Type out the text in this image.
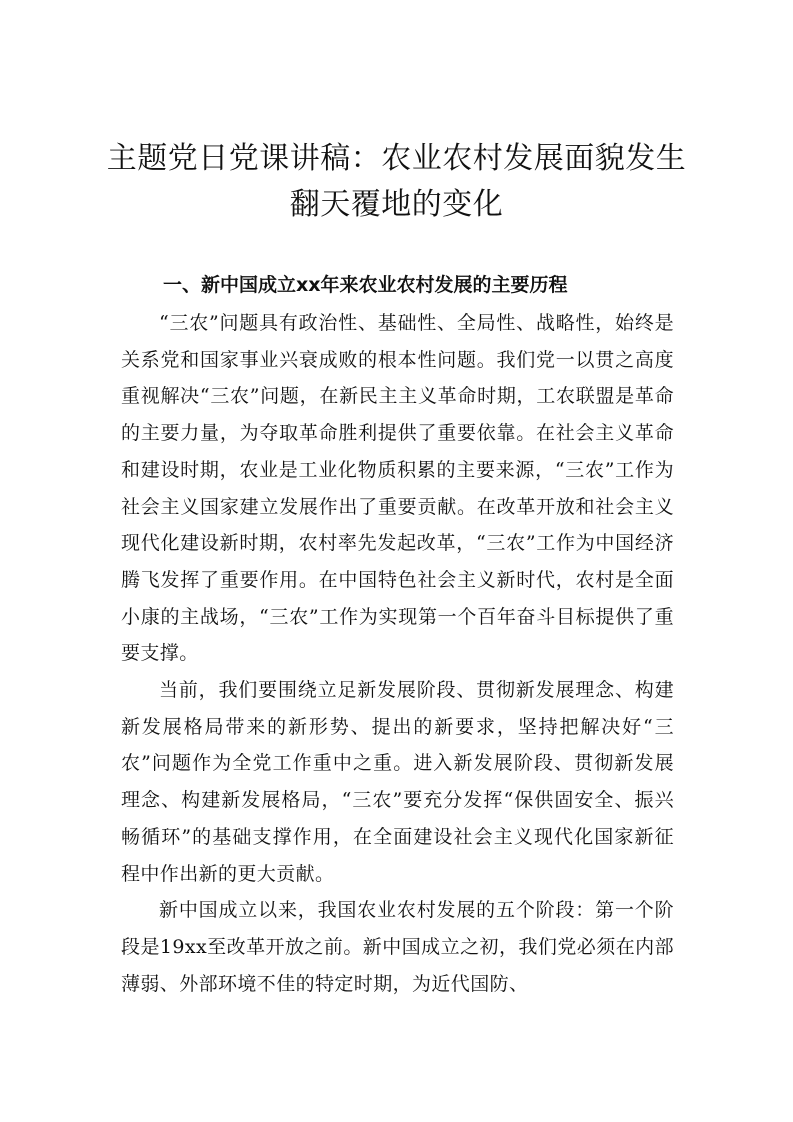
主题党日党课讲稿：农业农村发展面貌发生
翻天覆地的变化
一、新中国成立xx年来农业农村发展的主要历程

“三农”问题具有政治性、基础性、全局性、战略性，始终是关系党和国家事业兴衰成败的根本性问题。我们党一以贯之高度重视解决“三农”问题，在新民主主义革命时期，工农联盟是革命的主要力量，为夺取革命胜利提供了重要依靠。在社会主义革命和建设时期，农业是工业化物质积累的主要来源，“三农”工作为社会主义国家建立发展作出了重要贡献。在改革开放和社会主义现代化建设新时期，农村率先发起改革，“三农”工作为中国经济腾飞发挥了重要作用。在中国特色社会主义新时代，农村是全面小康的主战场，“三农”工作为实现第一个百年奋斗目标提供了重要支撑。

当前，我们要围绕立足新发展阶段、贯彻新发展理念、构建新发展格局带来的新形势、提出的新要求，坚持把解决好“三农”问题作为全党工作重中之重。进入新发展阶段、贯彻新发展理念、构建新发展格局，“三农”要充分发挥“保供固安全、振兴畅循环”的基础支撑作用，在全面建设社会主义现代化国家新征程中作出新的更大贡献。

新中国成立以来，我国农业农村发展的五个阶段：第一个阶段是19xx至改革开放之前。新中国成立之初，我们党必须在内部薄弱、外部环境不佳的特定时期，为近代国防、
